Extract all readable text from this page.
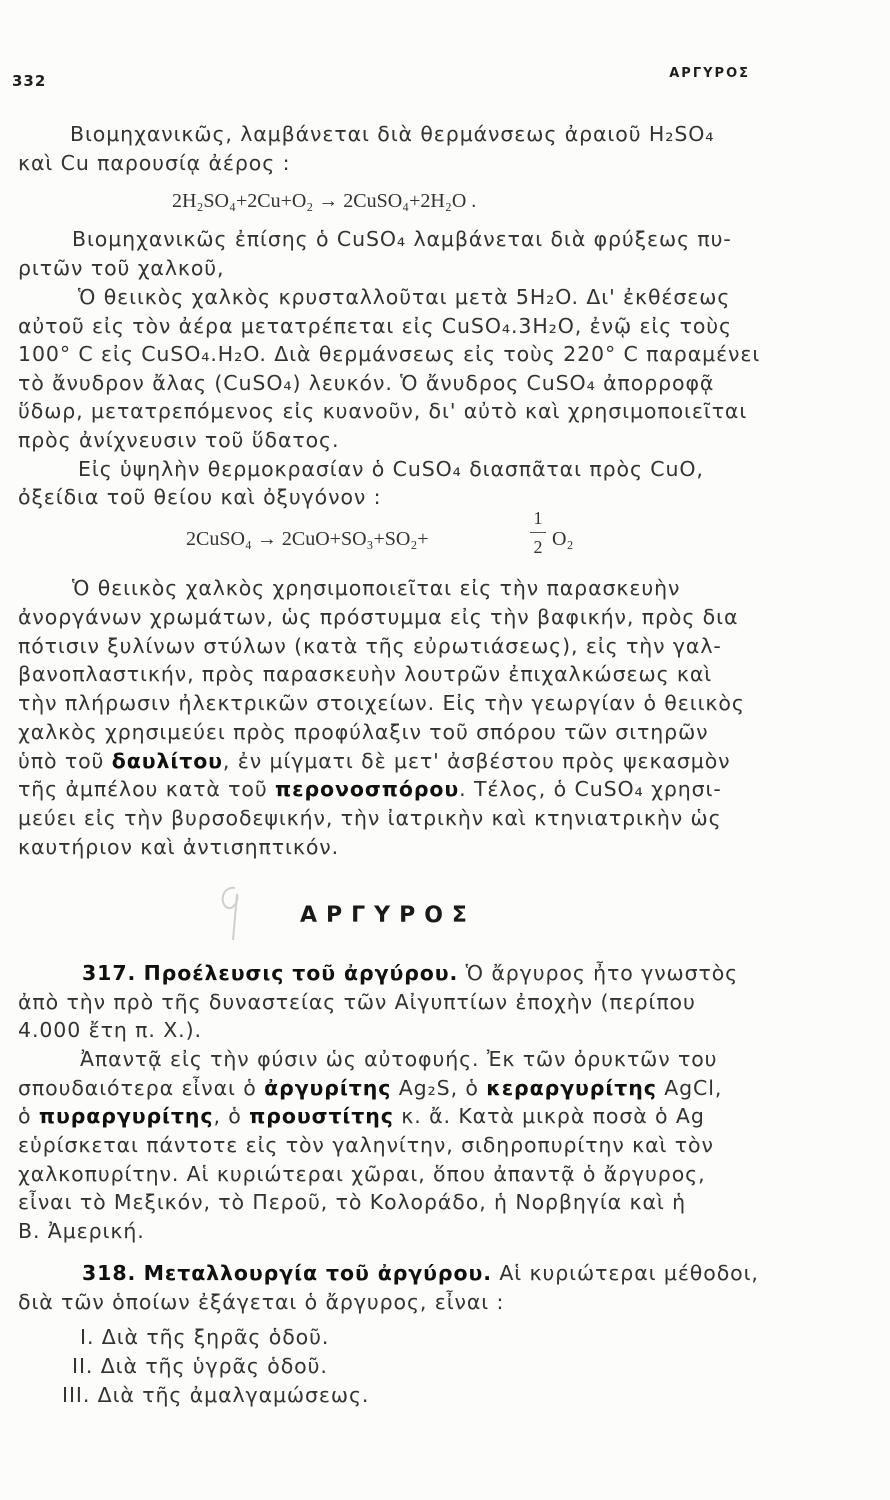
332	ΑΡΓΥΡΟΣ
Βιομηχανικῶς, λαμβάνεται διὰ θερμάνσεως ἀραιοῦ H₂SO₄
καὶ Cu παρουσίᾳ ἀέρος :
2H₂SO₄+2Cu+O₂ → 2CuSO₄+2H₂O .
Βιομηχανικῶς ἐπίσης ὁ CuSO₄ λαμβάνεται διὰ φρύξεως πυ-
ριτῶν τοῦ χαλκοῦ,
Ὁ θειικὸς χαλκὸς κρυσταλλοῦται μετὰ 5H₂O. Δι' ἐκθέσεως
αὐτοῦ εἰς τὸν ἀέρα μετατρέπεται εἰς CuSO₄.3H₂O, ἐνῷ εἰς τοὺς
100° C εἰς CuSO₄.H₂O. Διὰ θερμάνσεως εἰς τοὺς 220° C παραμένει
τὸ ἄνυδρον ἄλας (CuSO₄) λευκόν. Ὁ ἄνυδρος CuSO₄ ἀπορροφᾷ
ὕδωρ, μετατρεπόμενος εἰς κυανοῦν, δι' αὐτὸ καὶ χρησιμοποιεῖται
πρὸς ἀνίχνευσιν τοῦ ὕδατος.
Εἰς ὑψηλὴν θερμοκρασίαν ὁ CuSO₄ διασπᾶται πρὸς CuO,
ὀξείδια τοῦ θείου καὶ ὀξυγόνον :
2CuSO₄ → 2CuO+SO₃+SO₂+
1
2 O₂
Ὁ θειικὸς χαλκὸς χρησιμοποιεῖται εἰς τὴν παρασκευὴν
ἀνοργάνων χρωμάτων, ὡς πρόστυμμα εἰς τὴν βαφικήν, πρὸς δια
πότισιν ξυλίνων στύλων (κατὰ τῆς εὐρωτιάσεως), εἰς τὴν γαλ-
βανοπλαστικήν, πρὸς παρασκευὴν λουτρῶν ἐπιχαλκώσεως καὶ
τὴν πλήρωσιν ἠλεκτρικῶν στοιχείων. Εἰς τὴν γεωργίαν ὁ θειικὸς
χαλκὸς χρησιμεύει πρὸς προφύλαξιν τοῦ σπόρου τῶν σιτηρῶν
ὑπὸ τοῦ δαυλίτου, ἐν μίγματι δὲ μετ' ἀσβέστου πρὸς ψεκασμὸν
τῆς ἀμπέλου κατὰ τοῦ περονοσπόρου. Τέλος, ὁ CuSO₄ χρησι-
μεύει εἰς τὴν βυρσοδεψικήν, τὴν ἰατρικὴν καὶ κτηνιατρικὴν ὡς
καυτήριον καὶ ἀντισηπτικόν.
ΑΡΓΥΡΟΣ
317. Προέλευσις τοῦ ἀργύρου. Ὁ ἄργυρος ἦτο γνωστὸς
ἀπὸ τὴν πρὸ τῆς δυναστείας τῶν Αἰγυπτίων ἐποχὴν (περίπου
4.000 ἔτη π. Χ.).
Ἀπαντᾷ εἰς τὴν φύσιν ὡς αὐτοφυής. Ἐκ τῶν ὀρυκτῶν του
σπουδαιότερα εἶναι ὁ ἀργυρίτης Ag₂S, ὁ κεραργυρίτης AgCl,
ὁ πυραργυρίτης, ὁ προυστίτης κ. ἄ. Κατὰ μικρὰ ποσὰ ὁ Ag
εὑρίσκεται πάντοτε εἰς τὸν γαληνίτην, σιδηροπυρίτην καὶ τὸν
χαλκοπυρίτην. Αἱ κυριώτεραι χῶραι, ὅπου ἀπαντᾷ ὁ ἄργυρος,
εἶναι τὸ Μεξικόν, τὸ Περοῦ, τὸ Κολοράδο, ἡ Νορβηγία καὶ ἡ
Β. Ἀμερική.
318. Μεταλλουργία τοῦ ἀργύρου. Αἱ κυριώτεραι μέθοδοι,
διὰ τῶν ὁποίων ἐξάγεται ὁ ἄργυρος, εἶναι :
I. Διὰ τῆς ξηρᾶς ὁδοῦ.
II. Διὰ τῆς ὑγρᾶς ὁδοῦ.
III. Διὰ τῆς ἀμαλγαμώσεως.
